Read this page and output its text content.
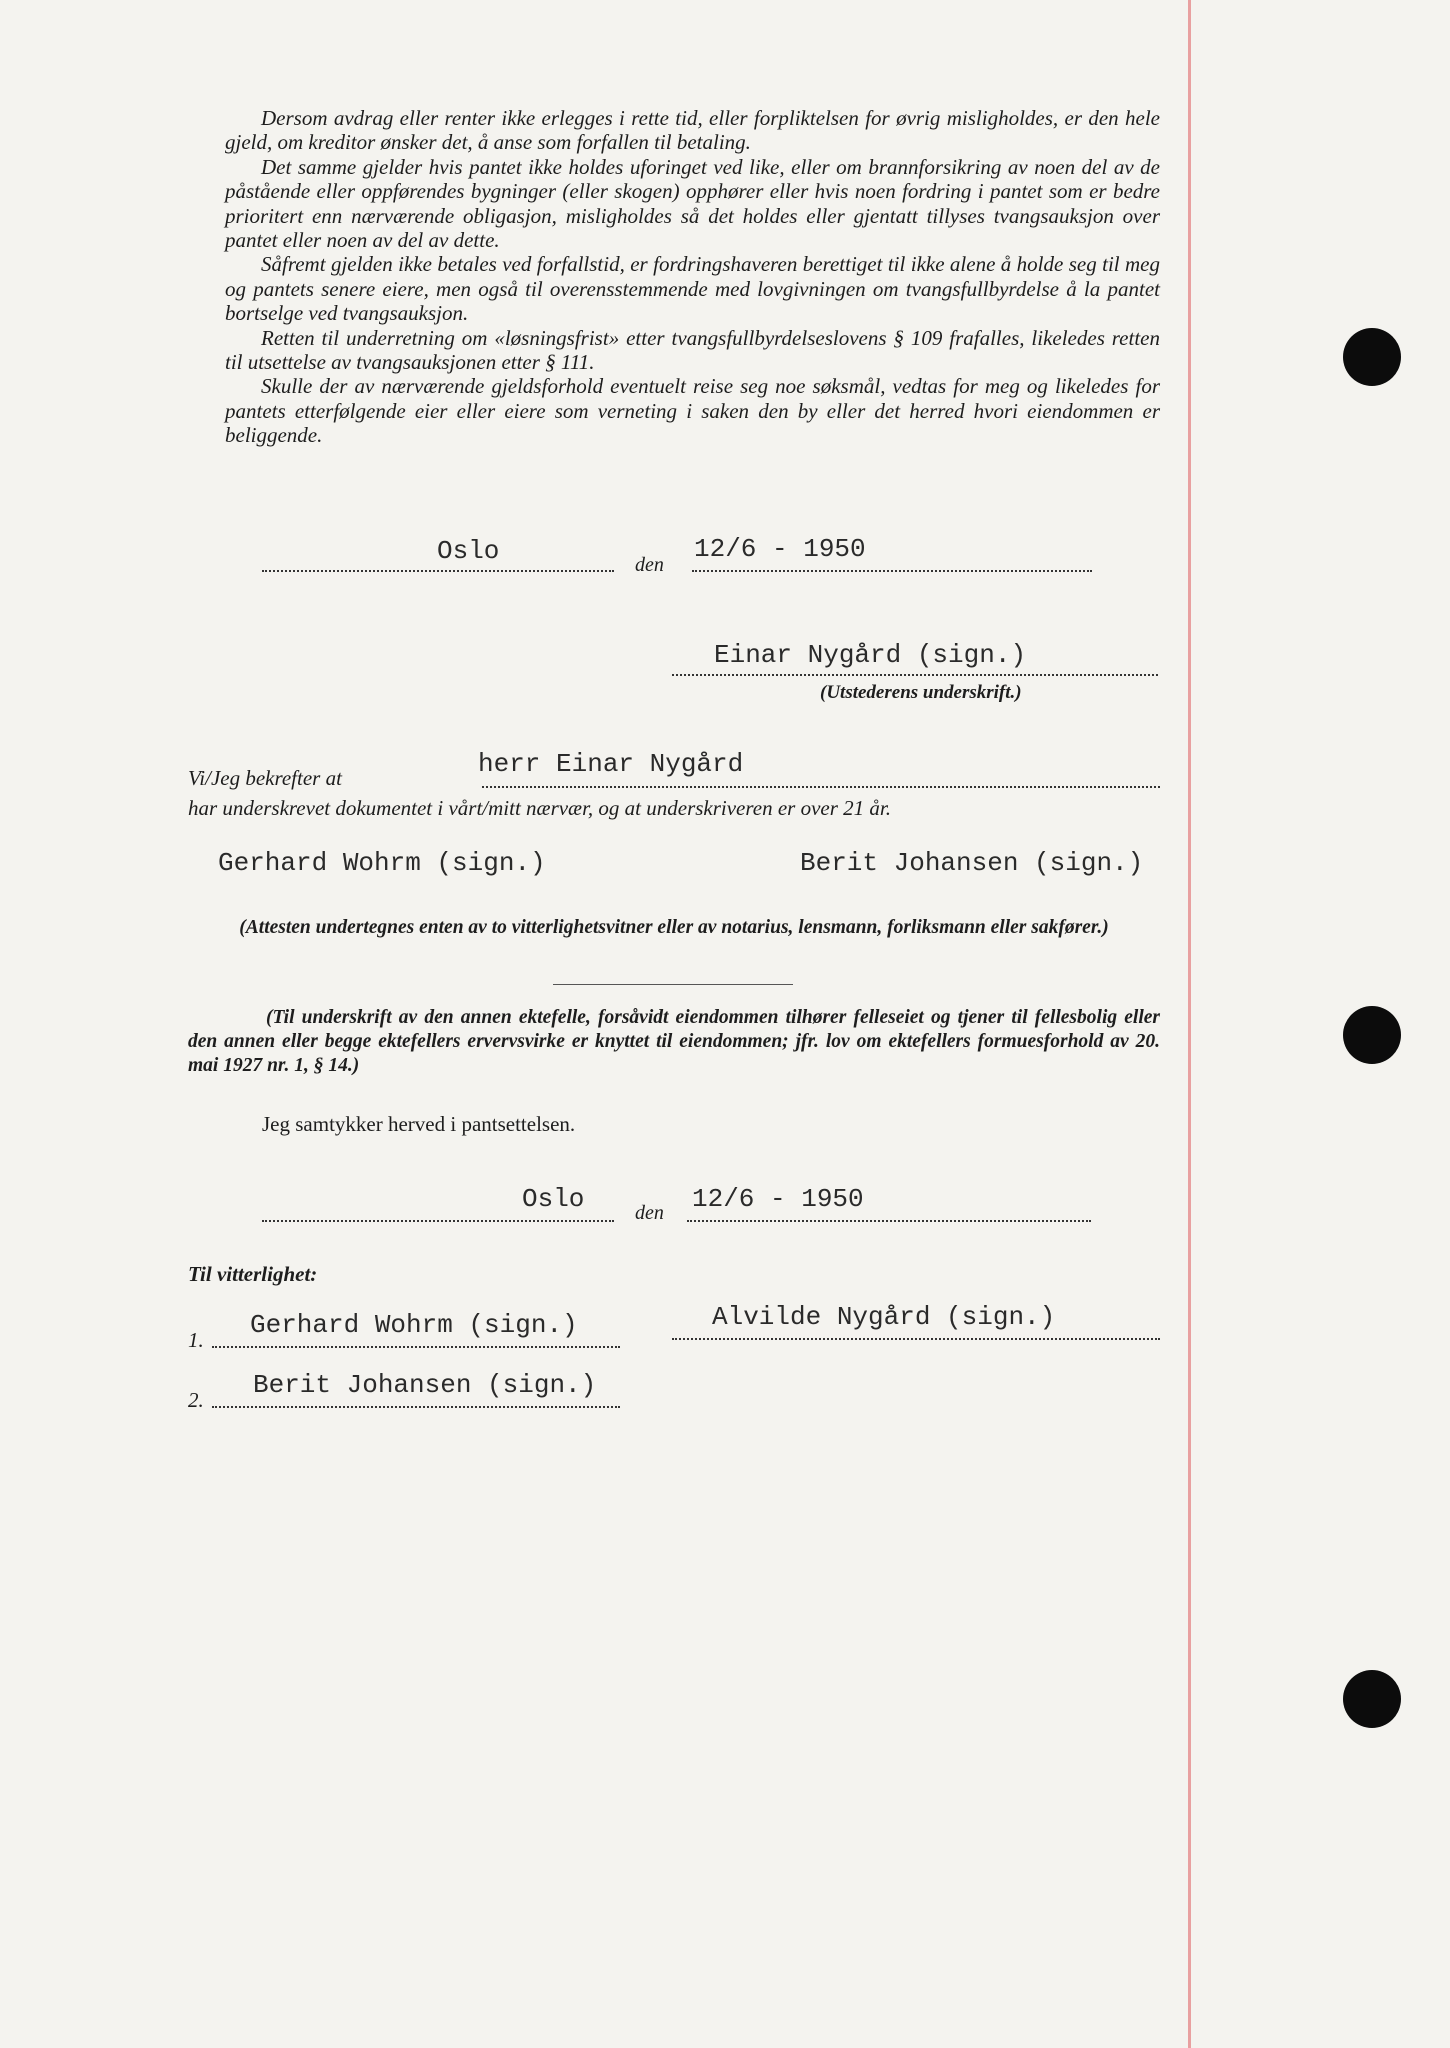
Dersom avdrag eller renter ikke erlegges i rette tid, eller forpliktelsen for øvrig misligholdes, er den hele gjeld, om kreditor ønsker det, å anse som forfallen til betaling.

Det samme gjelder hvis pantet ikke holdes uforinget ved like, eller om brannforsikring av noen del av de påstående eller oppførendes bygninger (eller skogen) opphører eller hvis noen fordring i pantet som er bedre prioritert enn nærværende obligasjon, misligholdes så det holdes eller gjentatt tillyses tvangsauksjon over pantet eller noen av del av dette.

Såfremt gjelden ikke betales ved forfallstid, er fordringshaveren berettiget til ikke alene å holde seg til meg og pantets senere eiere, men også til overensstemmende med lovgivningen om tvangsfullbyrdelse å la pantet bortselge ved tvangsauksjon.

Retten til underretning om «løsningsfrist» etter tvangsfullbyrdelseslovens § 109 frafalles, likeledes retten til utsettelse av tvangsauksjonen etter § 111.

Skulle der av nærværende gjeldsforhold eventuelt reise seg noe søksmål, vedtas for meg og likeledes for pantets etterfølgende eier eller eiere som verneting i saken den by eller det herred hvori eiendommen er beliggende.

Oslo	den
12/6 - 1950
Einar Nygård (sign.)
(Utstederens underskrift.)
Vi/Jeg bekrefter at	herr Einar Nygård
har underskrevet dokumentet i vårt/mitt nærvær, og at underskriveren er over 21 år.
Gerhard Wohrm (sign.)	Berit Johansen (sign.)
(Attesten undertegnes enten av to vitterlighetsvitner eller av notarius, lensmann, forliksmann eller sakfører.)
(Til underskrift av den annen ektefelle, forsåvidt eiendommen tilhører felleseiet og tjener til fellesbolig eller den annen eller begge ektefellers ervervsvirke er knyttet til eiendommen; jfr. lov om ektefellers formuesforhold av 20. mai 1927 nr. 1, § 14.)
Jeg samtykker herved i pantsettelsen.
Oslo	den 12/6 - 1950
Til vitterlighet:
1. Gerhard Wohrm (sign.)	Alvilde Nygård (sign.)
2. Berit Johansen (sign.)
